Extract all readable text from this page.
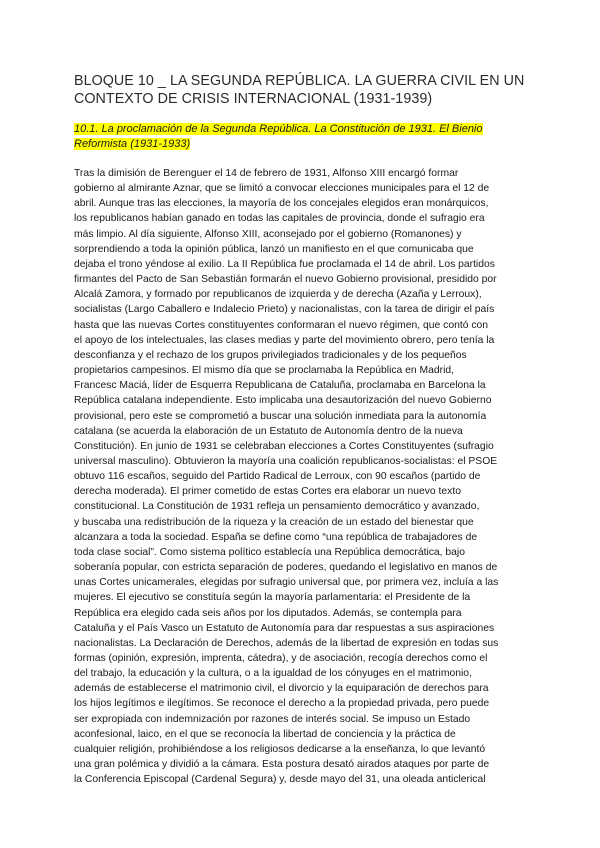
BLOQUE 10 _ LA SEGUNDA REPÚBLICA. LA GUERRA CIVIL EN UN CONTEXTO DE CRISIS INTERNACIONAL (1931-1939)
10.1. La proclamación de la Segunda República. La Constitución de 1931. El Bienio Reformista (1931-1933)
Tras la dimisión de Berenguer el 14 de febrero de 1931, Alfonso XIII encargó formar
gobierno al almirante Aznar, que se limitó a convocar elecciones municipales para el 12 de
abril. Aunque tras las elecciones, la mayoría de los concejales elegidos eran monárquicos,
los republicanos habían ganado en todas las capitales de provincia, donde el sufragio era
más limpio. Al día siguiente, Alfonso XIII, aconsejado por el gobierno (Romanones) y
sorprendiendo a toda la opinión pública, lanzó un manifiesto en el que comunicaba que
dejaba el trono yéndose al exilio. La II República fue proclamada el 14 de abril. Los partidos
firmantes del Pacto de San Sebastián formarán el nuevo Gobierno provisional, presidido por
Alcalá Zamora, y formado por republicanos de izquierda y de derecha (Azaña y Lerroux),
socialistas (Largo Caballero e Indalecio Prieto) y nacionalistas, con la tarea de dirigir el país
hasta que las nuevas Cortes constituyentes conformaran el nuevo régimen, que contó con
el apoyo de los intelectuales, las clases medias y parte del movimiento obrero, pero tenía la
desconfianza y el rechazo de los grupos privilegiados tradicionales y de los pequeños
propietarios campesinos. El mismo día que se proclamaba la República en Madrid,
Francesc Maciá, líder de Esquerra Republicana de Cataluña, proclamaba en Barcelona la
República catalana independiente. Esto implicaba una desautorización del nuevo Gobierno
provisional, pero este se comprometió a buscar una solución inmediata para la autonomía
catalana (se acuerda la elaboración de un Estatuto de Autonomía dentro de la nueva
Constitución). En junio de 1931 se celebraban elecciones a Cortes Constituyentes (sufragio
universal masculino). Obtuvieron la mayoría una coalición republicanos-socialistas: el PSOE
obtuvo 116 escaños, seguido del Partido Radical de Lerroux, con 90 escaños (partido de
derecha moderada). El primer cometido de estas Cortes era elaborar un nuevo texto
constitucional. La Constitución de 1931 refleja un pensamiento democrático y avanzado,
y buscaba una redistribución de la riqueza y la creación de un estado del bienestar que
alcanzara a toda la sociedad. España se define como “una república de trabajadores de
toda clase social”. Como sistema político establecía una República democrática, bajo
soberanía popular, con estricta separación de poderes, quedando el legislativo en manos de
unas Cortes unicamerales, elegidas por sufragio universal que, por primera vez, incluía a las
mujeres. El ejecutivo se constituía según la mayoría parlamentaria: el Presidente de la
República era elegido cada seis años por los diputados. Además, se contempla para
Cataluña y el País Vasco un Estatuto de Autonomía para dar respuestas a sus aspiraciones
nacionalistas. La Declaración de Derechos, además de la libertad de expresión en todas sus
formas (opinión, expresión, imprenta, cátedra), y de asociación, recogía derechos como el
del trabajo, la educación y la cultura, o a la igualdad de los cónyuges en el matrimonio,
además de establecerse el matrimonio civil, el divorcio y la equiparación de derechos para
los hijos legítimos e ilegítimos. Se reconoce el derecho a la propiedad privada, pero puede
ser expropiada con indemnización por razones de interés social. Se impuso un Estado
aconfesional, laico, en el que se reconocía la libertad de conciencia y la práctica de
cualquier religión, prohibiéndose a los religiosos dedicarse a la enseñanza, lo que levantó
una gran polémica y dividió a la cámara. Esta postura desató airados ataques por parte de
la Conferencia Episcopal (Cardenal Segura) y, desde mayo del 31, una oleada anticlerical
